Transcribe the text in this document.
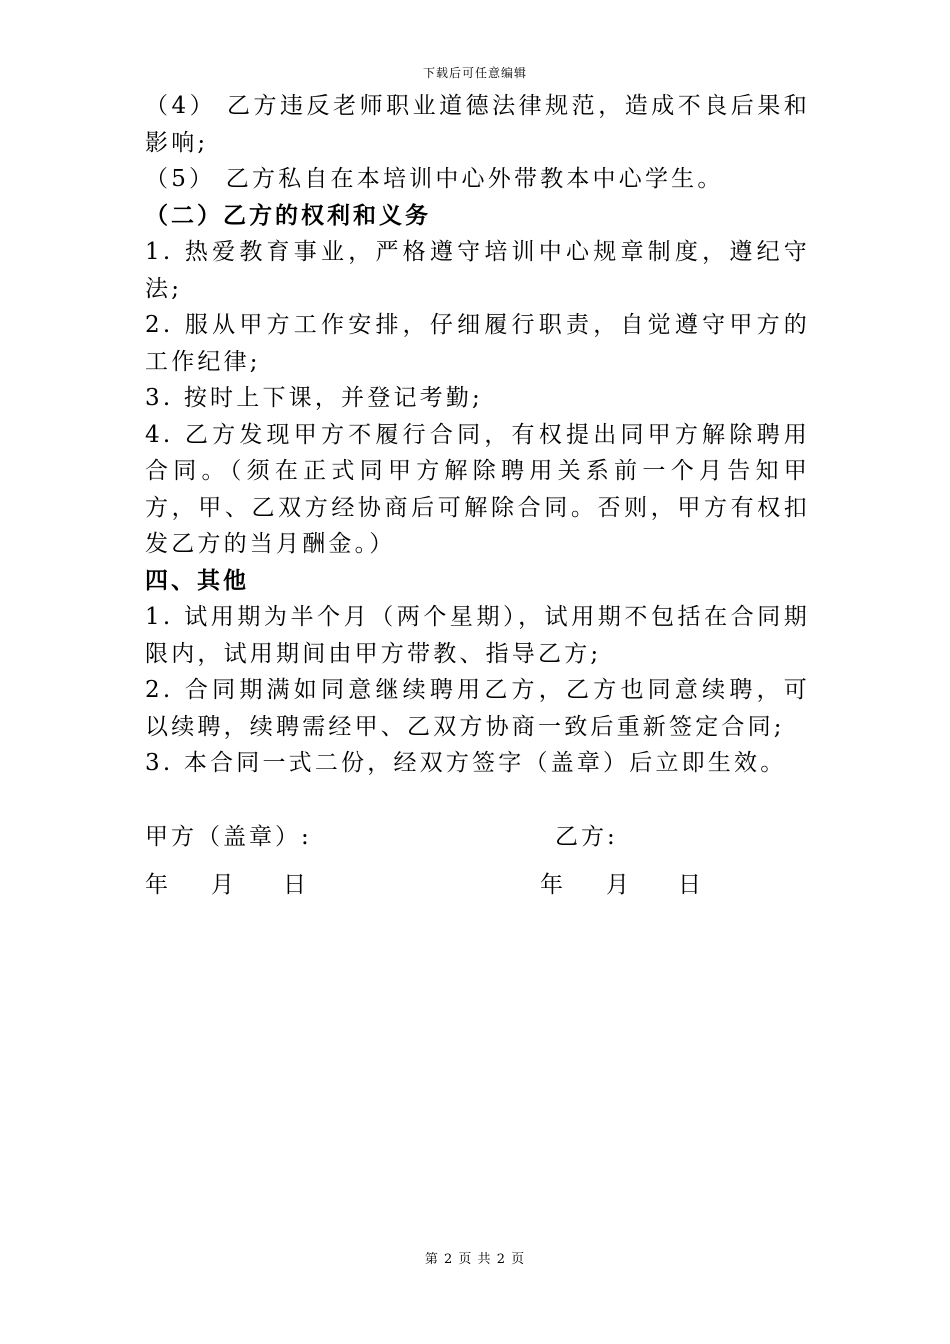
下载后可任意编辑

（4） 乙方违反老师职业道德法律规范，造成不良后果和影响;

（5） 乙方私自在本培训中心外带教本中心学生。

（二）乙方的权利和义务

1. 热爱教育事业，严格遵守培训中心规章制度，遵纪守法;

2. 服从甲方工作安排，仔细履行职责，自觉遵守甲方的工作纪律;

3. 按时上下课，并登记考勤;

4. 乙方发现甲方不履行合同，有权提出同甲方解除聘用合同。（须在正式同甲方解除聘用关系前一个月告知甲方，甲、乙双方经协商后可解除合同。否则，甲方有权扣发乙方的当月酬金。）

四、其他

1. 试用期为半个月（两个星期），试用期不包括在合同期限内，试用期间由甲方带教、指导乙方;

2. 合同期满如同意继续聘用乙方，乙方也同意续聘，可以续聘，续聘需经甲、乙双方协商一致后重新签定合同;

3. 本合同一式二份，经双方签字（盖章）后立即生效。

甲方（盖章）:	乙方:
年 月 日	年 月 日
第 2 页 共 2 页
